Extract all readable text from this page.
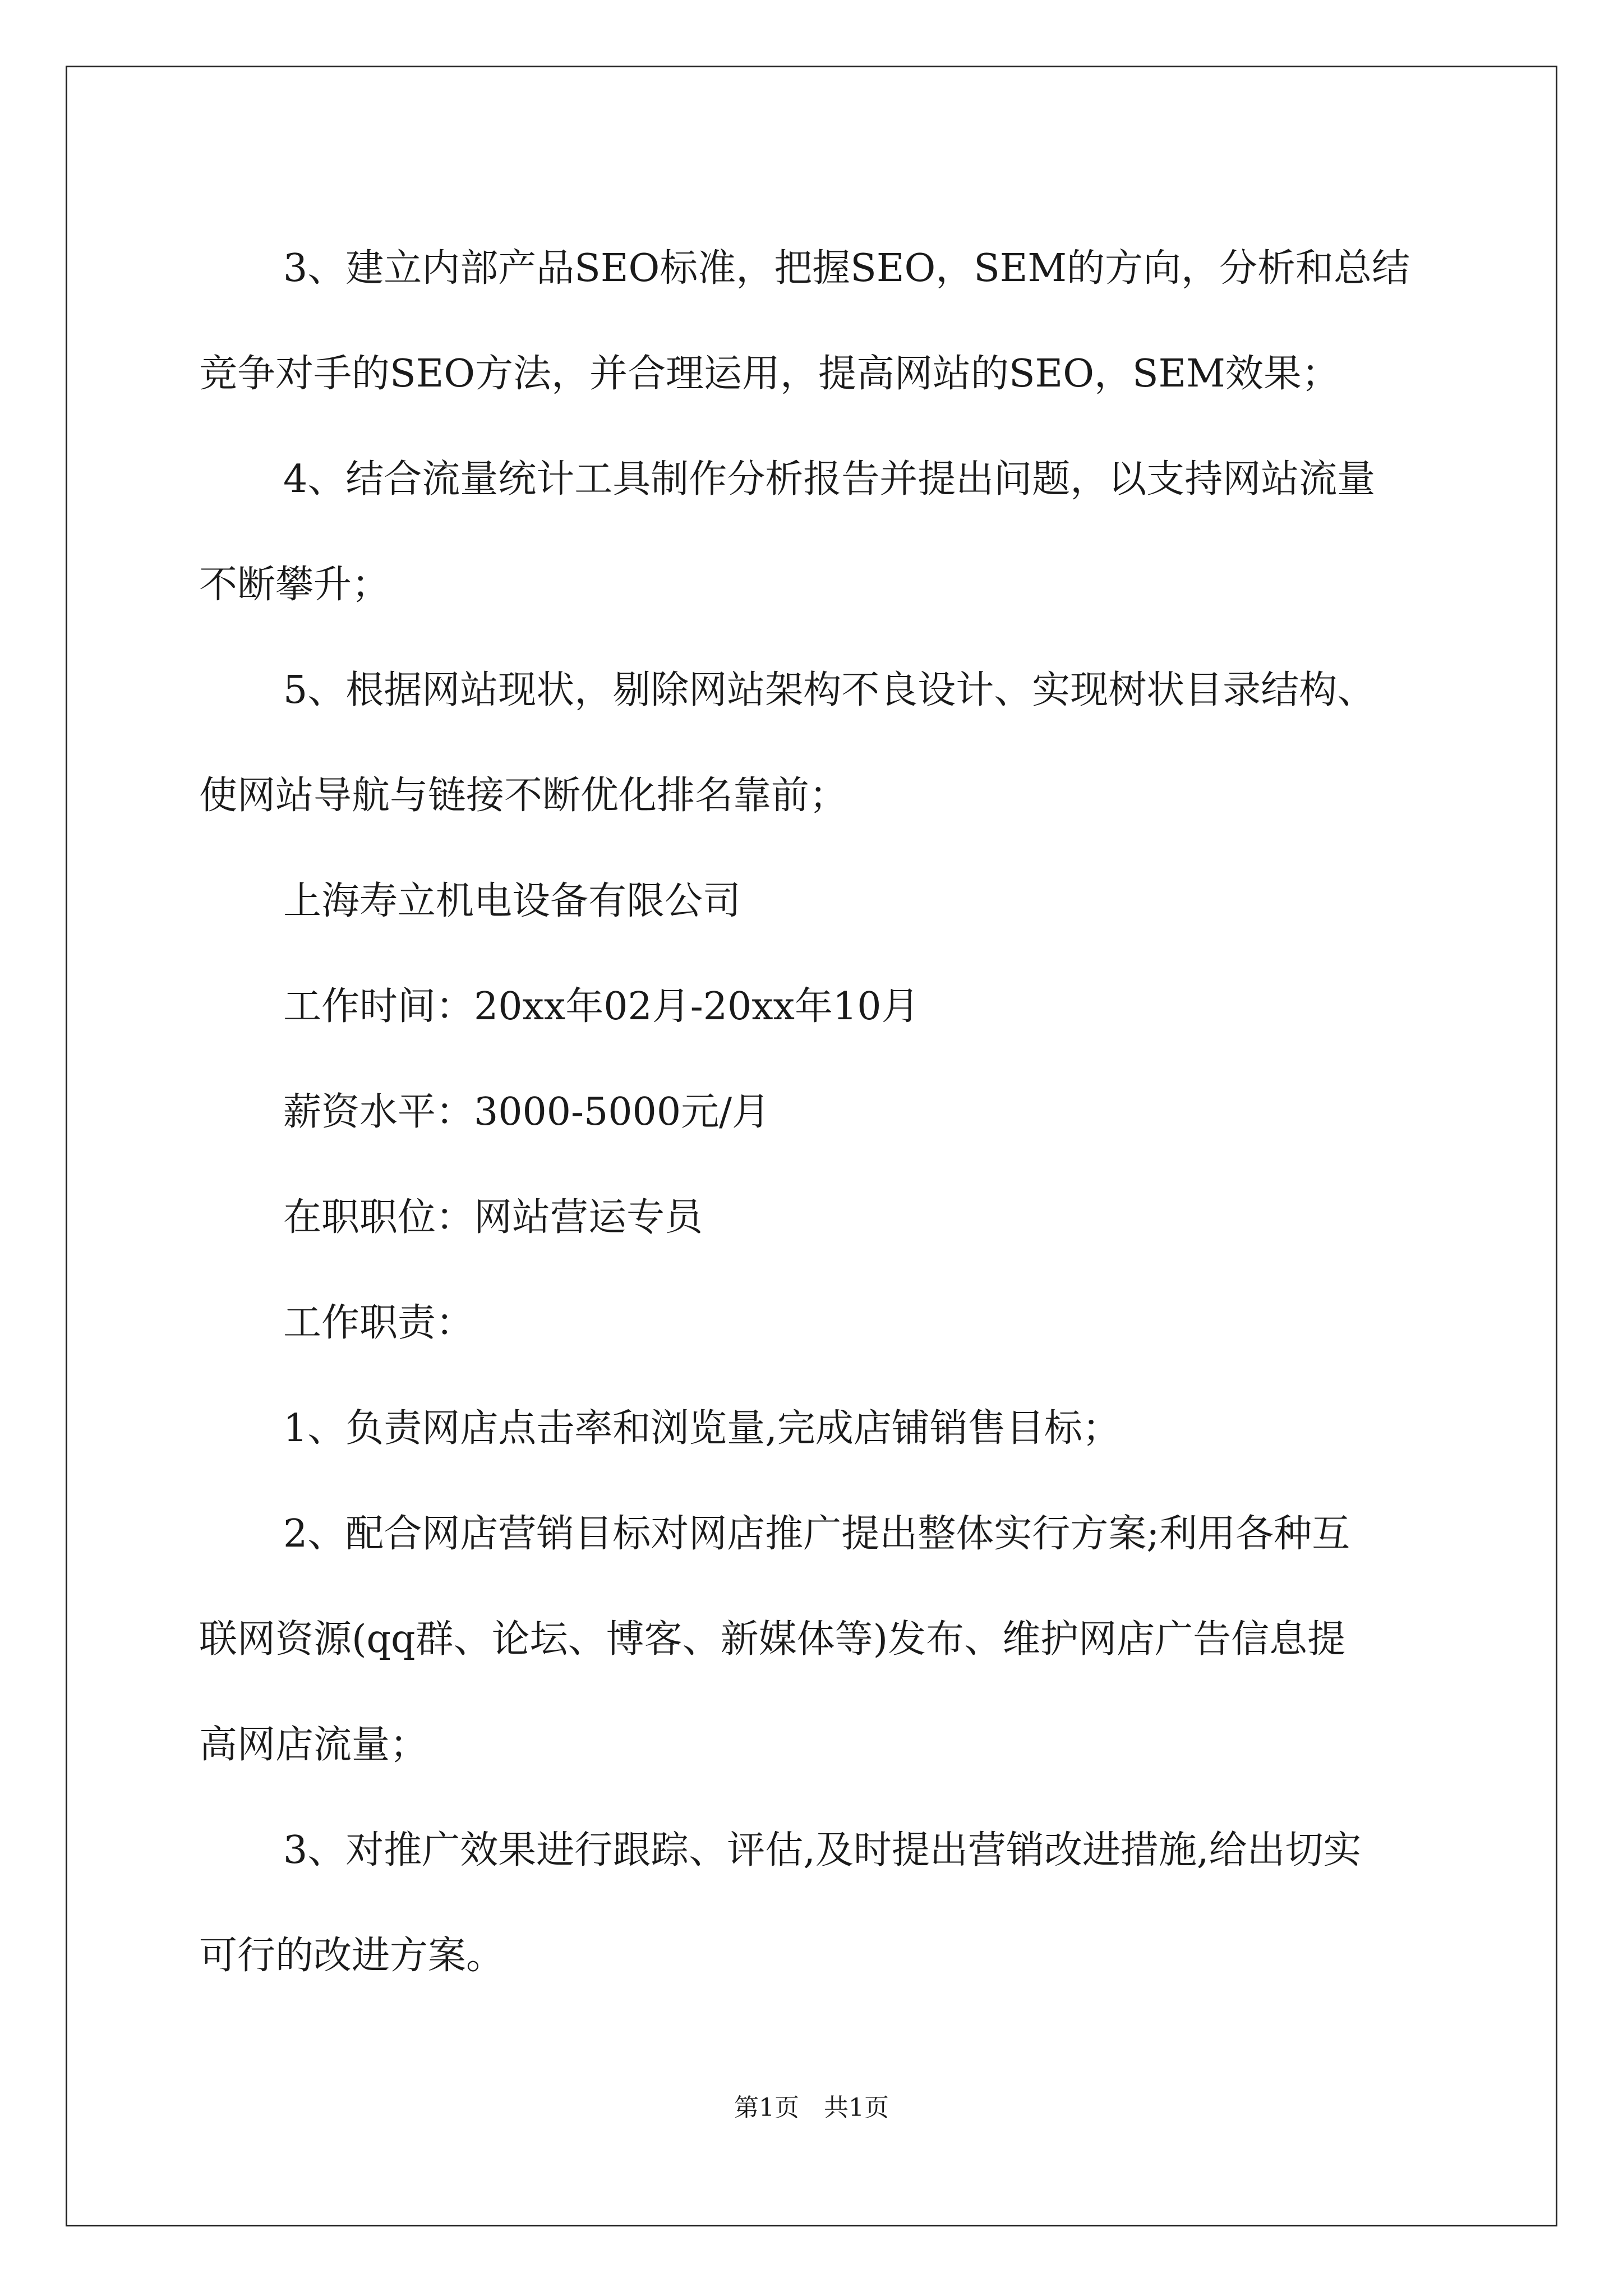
3、建立内部产品SEO标准，把握SEO，SEM的方向，分析和总结
竞争对手的SEO方法，并合理运用，提高网站的SEO，SEM效果；

4、结合流量统计工具制作分析报告并提出问题，以支持网站流量
不断攀升；

5、根据网站现状，剔除网站架构不良设计、实现树状目录结构、
使网站导航与链接不断优化排名靠前；

上海寿立机电设备有限公司

工作时间：20xx年02月-20xx年10月

薪资水平：3000-5000元/月

在职职位：网站营运专员

工作职责：

1、负责网店点击率和浏览量,完成店铺销售目标；

2、配合网店营销目标对网店推广提出整体实行方案;利用各种互
联网资源(qq群、论坛、博客、新媒体等)发布、维护网店广告信息提
高网店流量；

3、对推广效果进行跟踪、评估,及时提出营销改进措施,给出切实
可行的改进方案。

第1页 共1页
